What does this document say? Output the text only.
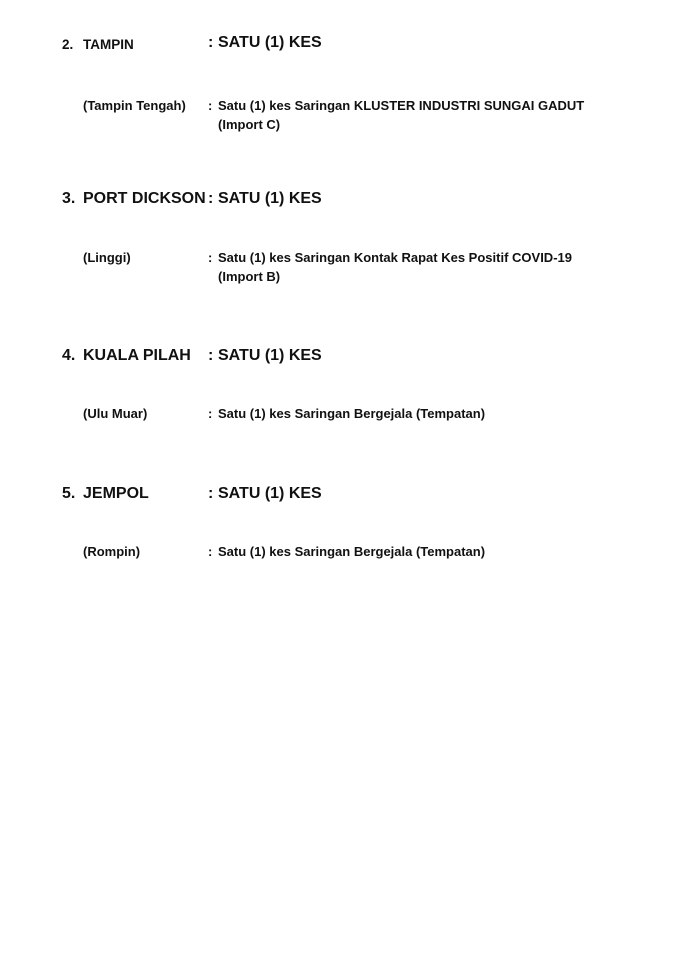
2. TAMPIN	: SATU (1) KES
(Tampin Tengah) : Satu (1) kes Saringan KLUSTER INDUSTRI SUNGAI GADUT
(Import C)
3. PORT DICKSON : SATU (1) KES
(Linggi)	: Satu (1) kes Saringan Kontak Rapat Kes Positif COVID-19
(Import B)
4. KUALA PILAH : SATU (1) KES
(Ulu Muar)	: Satu (1) kes Saringan Bergejala (Tempatan)
5. JEMPOL	: SATU (1) KES
(Rompin)	: Satu (1) kes Saringan Bergejala (Tempatan)
